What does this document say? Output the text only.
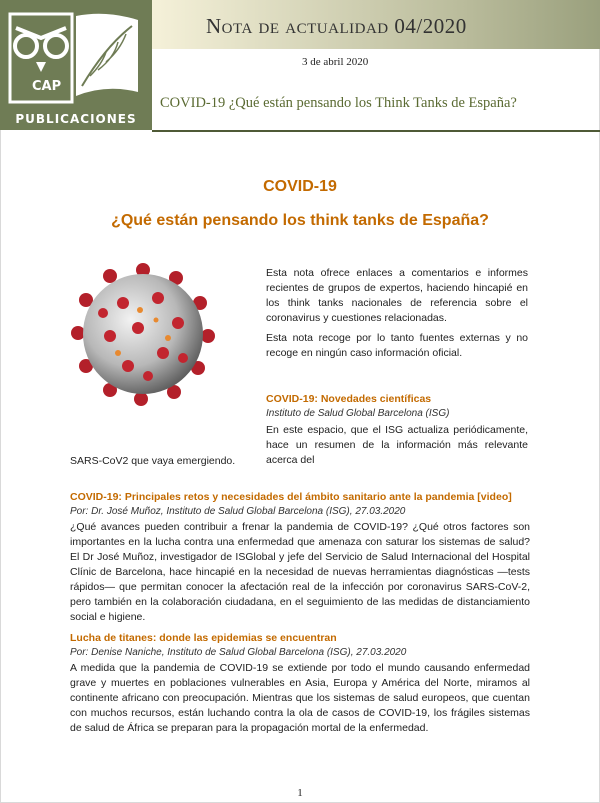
CAP
PUBLICACIONES
Nota de actualidad 04/2020
3 de abril 2020
COVID-19 ¿Qué están pensando los Think Tanks de España?
COVID-19
¿Qué están pensando los think tanks de España?
Esta nota ofrece enlaces a comentarios e informes recientes de grupos de expertos, haciendo hincapié en los think tanks nacionales de referencia sobre el coronavirus y cuestiones relacionadas.
Esta nota recoge por lo tanto fuentes externas y no recoge en ningún caso información oficial.
COVID-19: Novedades científicas
Instituto de Salud Global Barcelona (ISG)

En este espacio, que el ISG actualiza periódicamente, hace un resumen de la información más relevante acerca del

SARS-CoV2 que vaya emergiendo.

COVID-19: Principales retos y necesidades del ámbito sanitario ante la pandemia [video]
Por: Dr. José Muñoz, Instituto de Salud Global Barcelona (ISG), 27.03.2020

¿Qué avances pueden contribuir a frenar la pandemia de COVID-19? ¿Qué otros factores son importantes en la lucha contra una enfermedad que amenaza con saturar los sistemas de salud? El Dr José Muñoz, investigador de ISGlobal y jefe del Servicio de Salud Internacional del Hospital Clínic de Barcelona, hace hincapié en la necesidad de nuevas herramientas diagnósticas —tests rápidos— que permitan conocer la afectación real de la infección por coronavirus SARS-CoV-2, pero también en la colaboración ciudadana, en el seguimiento de las medidas de distanciamiento social e higiene.

Lucha de titanes: donde las epidemias se encuentran
Por: Denise Naniche, Instituto de Salud Global Barcelona (ISG), 27.03.2020

A medida que la pandemia de COVID-19 se extiende por todo el mundo causando enfermedad grave y muertes en poblaciones vulnerables en Asia, Europa y América del Norte, miramos al continente africano con preocupación. Mientras que los sistemas de salud europeos, que cuentan con muchos recursos, están luchando contra la ola de casos de COVID-19, los frágiles sistemas de salud de África se preparan para la propagación mortal de la enfermedad.

1
